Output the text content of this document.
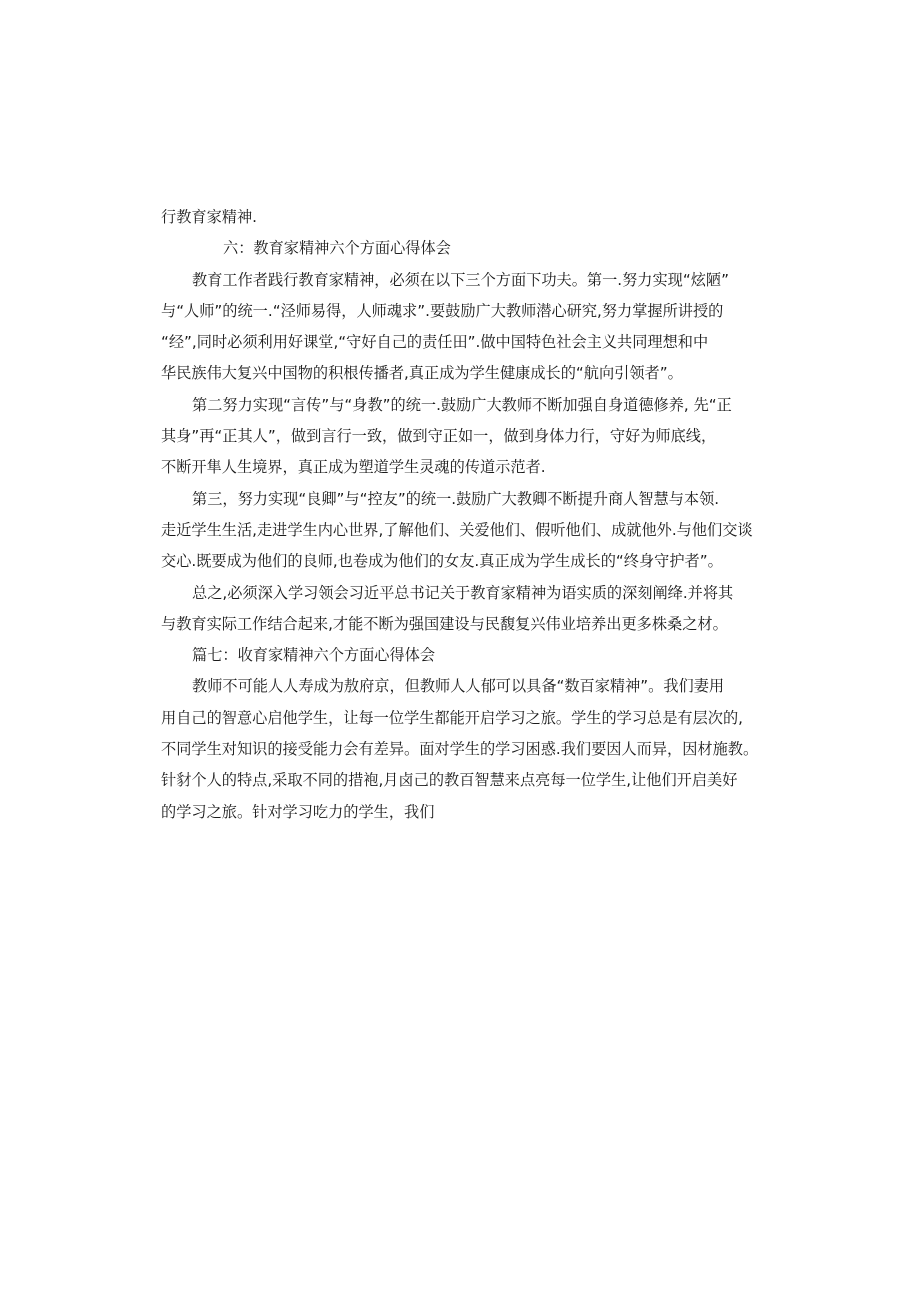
行教育家精神.
六：教育家精神六个方面心得体会
教育工作者践行教育家精神，必须在以下三个方面下功夫。第一.努力实现“炫陋”
与“人师”的统一.“泾师易得，人师魂求”.要鼓励广大教师潜心研究,努力掌握所讲授的
“经”,同时必须利用好课堂,“守好自己的责任田”.做中国特色社会主义共同理想和中
华民族伟大复兴中国物的积根传播者,真正成为学生健康成长的“航向引领者”。
第二努力实现“言传”与“身教”的统一.鼓励广大教师不断加强自身道德修养, 先“正
其身”再“正其人”，做到言行一致，做到守正如一，做到身体力行，守好为师底线，
不断开隼人生境界，真正成为塑道学生灵魂的传道示范者.
第三，努力实现“良卿”与“控友”的统一.鼓励广大教卿不断提升商人智慧与本领.
走近学生生活,走进学生内心世界,了解他们、关爱他们、假听他们、成就他外.与他们交谈
交心.既要成为他们的良师,也卷成为他们的女友.真正成为学生成长的“终身守护者”。
总之,必须深入学习领会习近平总书记关于教育家精神为语实质的深刻阐绛.并将其
与教育实际工作结合起来,才能不断为强国建设与民馥复兴伟业培养出更多株桑之材。
篇七：收育家精神六个方面心得体会
教师不可能人人寿成为敖府京，但教师人人郁可以具备“数百家精神”。我们妻用
用自己的智意心启他学生，让每一位学生都能开启学习之旅。学生的学习总是有层次的,
不同学生对知识的接受能力会有差异。面对学生的学习困惑.我们要因人而异，因材施教。
针豺个人的特点,采取不同的措袍,月卤己的教百智慧来点亮每一位学生,让他们开启美好
的学习之旅。针对学习吃力的学生，我们
